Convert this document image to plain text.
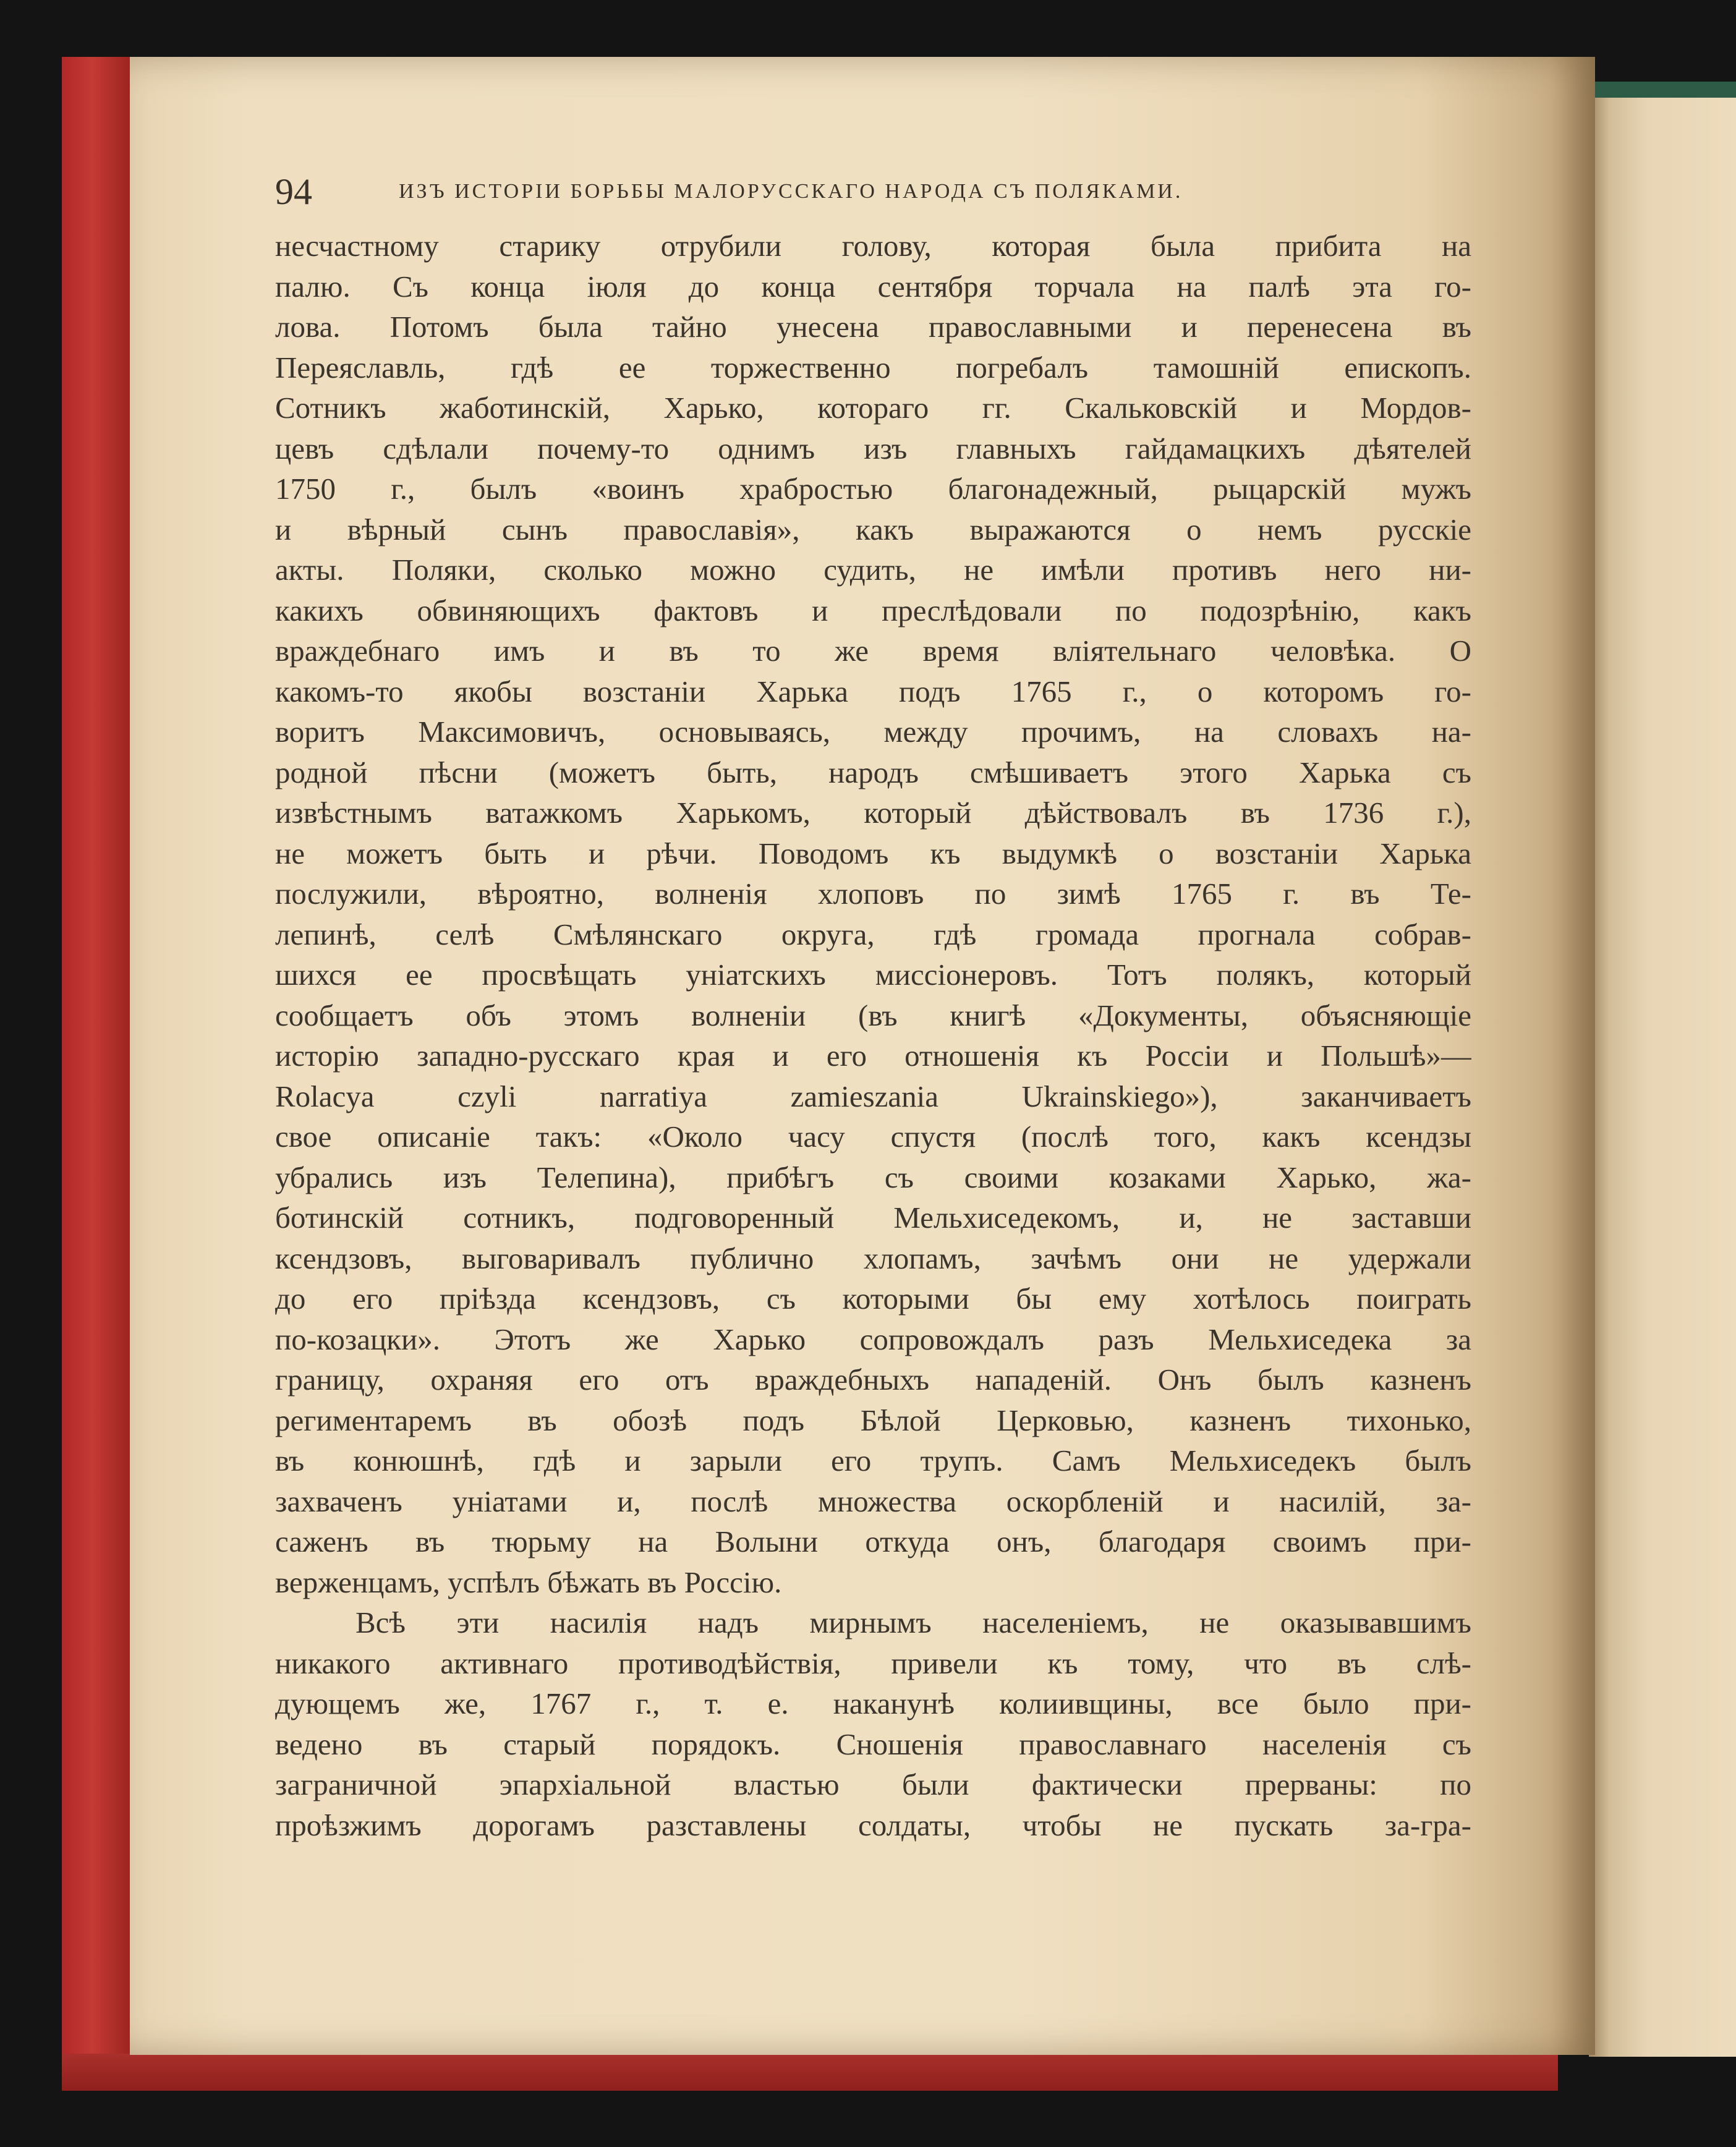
94	ИЗЪ ИСТОРІИ БОРЬБЫ МАЛОРУССКАГО НАРОДА СЪ ПОЛЯКАМИ.
несчастному старику отрубили голову, которая была прибита на
палю. Съ конца іюля до конца сентября торчала на палѣ эта го-
лова. Потомъ была тайно унесена православными и перенесена въ
Переяславль, гдѣ ее торжественно погребалъ тамошній епископъ.
Сотникъ жаботинскій, Харько, котораго гг. Скальковскій и Мордов-
цевъ сдѣлали почему-то однимъ изъ главныхъ гайдамацкихъ дѣятелей
1750 г., былъ «воинъ храбростью благонадежный, рыцарскій мужъ
и вѣрный сынъ православія», какъ выражаются о немъ русскіе
акты. Поляки, сколько можно судить, не имѣли противъ него ни-
какихъ обвиняющихъ фактовъ и преслѣдовали по подозрѣнію, какъ
враждебнаго имъ и въ то же время вліятельнаго человѣка. О
какомъ-то якобы возстаніи Харька подъ 1765 г., о которомъ го-
воритъ Максимовичъ, основываясь, между прочимъ, на словахъ на-
родной пѣсни (можетъ быть, народъ смѣшиваетъ этого Харька съ
извѣстнымъ ватажкомъ Харькомъ, который дѣйствовалъ въ 1736 г.),
не можетъ быть и рѣчи. Поводомъ къ выдумкѣ о возстаніи Харька
послужили, вѣроятно, волненія хлоповъ по зимѣ 1765 г. въ Те-
лепинѣ, селѣ Смѣлянскаго округа, гдѣ громада прогнала собрав-
шихся ее просвѣщать уніатскихъ миссіонеровъ. Тотъ полякъ, который
сообщаетъ объ этомъ волненіи (въ книгѣ «Документы, объясняющіе
исторію западно-русскаго края и его отношенія къ Россіи и Польшѣ»—
Rolacya czyli narratiya zamieszania Ukrainskiego»), заканчиваетъ
свое описаніе такъ: «Около часу спустя (послѣ того, какъ ксендзы
убрались изъ Телепина), прибѣгъ съ своими козаками Харько, жа-
ботинскій сотникъ, подговоренный Мельхиседекомъ, и, не заставши
ксендзовъ, выговаривалъ публично хлопамъ, зачѣмъ они не удержали
до его пріѣзда ксендзовъ, съ которыми бы ему хотѣлось поиграть
по-козацки». Этотъ же Харько сопровождалъ разъ Мельхиседека за
границу, охраняя его отъ враждебныхъ нападеній. Онъ былъ казненъ
региментаремъ въ обозѣ подъ Бѣлой Церковью, казненъ тихонько,
въ конюшнѣ, гдѣ и зарыли его трупъ. Самъ Мельхиседекъ былъ
захваченъ уніатами и, послѣ множества оскорбленій и насилій, за-
саженъ въ тюрьму на Волыни откуда онъ, благодаря своимъ при-
верженцамъ, успѣлъ бѣжать въ Россію.
Всѣ эти насилія надъ мирнымъ населеніемъ, не оказывавшимъ
никакого активнаго противодѣйствія, привели къ тому, что въ слѣ-
дующемъ же, 1767 г., т. е. наканунѣ колиивщины, все было при-
ведено въ старый порядокъ. Сношенія православнаго населенія съ
заграничной эпархіальной властью были фактически прерваны: по
проѣзжимъ дорогамъ разставлены солдаты, чтобы не пускать за-гра-
